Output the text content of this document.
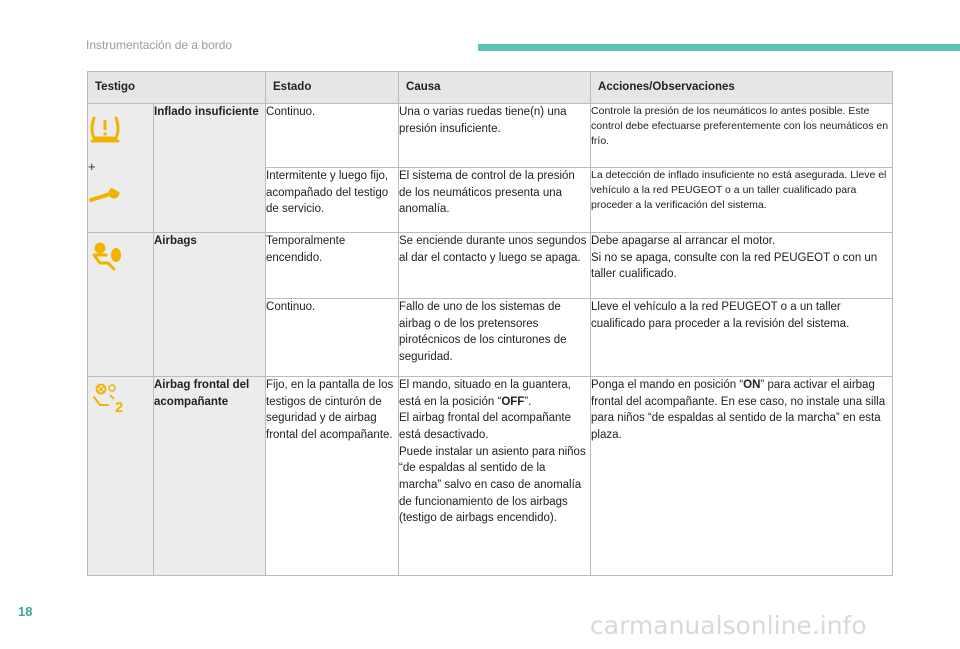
Instrumentación de a bordo
Testigo		Estado	Causa	Acciones/Observaciones

+	Inflado insuficiente	Continuo.	Una o varias ruedas tiene(n) una presión insuficiente.	Controle la presión de los neumáticos lo antes posible. Este control debe efectuarse preferentemente con los neumáticos en frío.
		Intermitente y luego fijo, acompañado del testigo de servicio.	El sistema de control de la presión de los neumáticos presenta una anomalía.	La detección de inflado insuficiente no está asegurada. Lleve el vehículo a la red PEUGEOT o a un taller cualificado para proceder a la verificación del sistema.

	Airbags	Temporalmente encendido.	Se enciende durante unos segundos al dar el contacto y luego se apaga.	Debe apagarse al arrancar el motor.

Si no se apaga, consulte con la red PEUGEOT o con un taller cualificado.

		Continuo.	Fallo de uno de los sistemas de airbag o de los pretensores pirotécnicos de los cinturones de seguridad.	Lleve el vehículo a la red PEUGEOT o a un taller cualificado para proceder a la revisión del sistema.

2	Airbag frontal del acompañante	Fijo, en la pantalla de los testigos de cinturón de seguridad y de airbag frontal del acompañante.	El mando, situado en la guantera, está en la posición “OFF”.

El airbag frontal del acompañante está desactivado.

Puede instalar un asiento para niños “de espaldas al sentido de la marcha” salvo en caso de anomalía de funcionamiento de los airbags (testigo de airbags encendido).	Ponga el mando en posición “ON” para activar el airbag frontal del acompañante. En ese caso, no instale una silla para niños “de espaldas al sentido de la marcha” en esta plaza.

18	carmanualsonline.info
